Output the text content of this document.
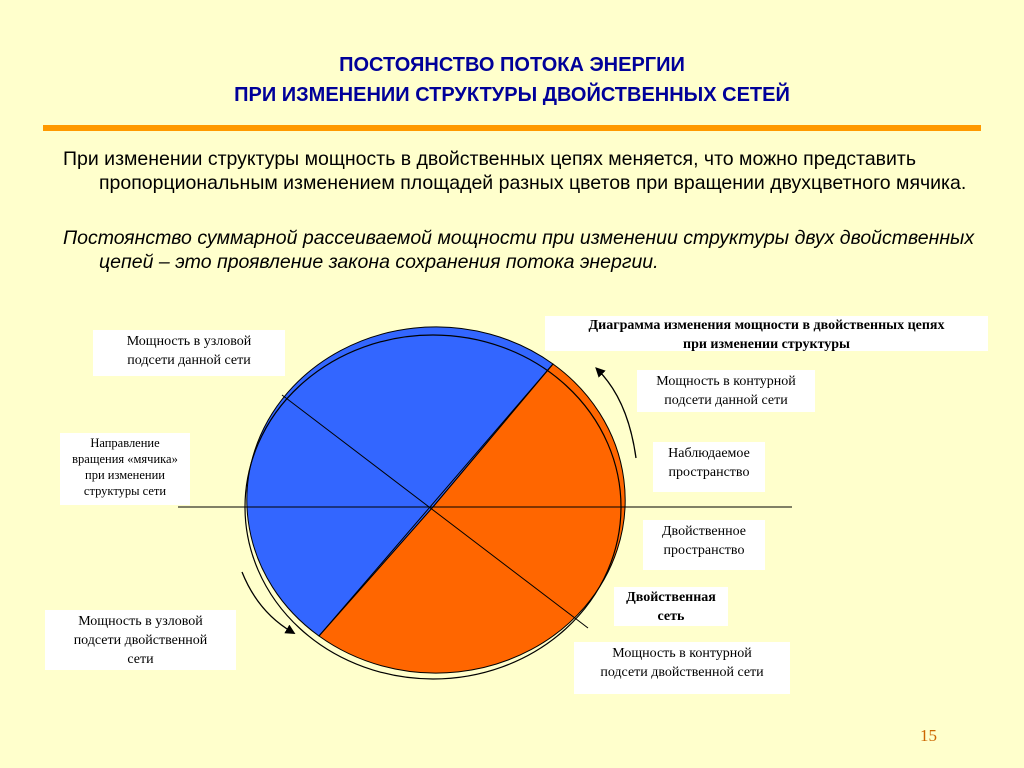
ПОСТОЯНСТВО ПОТОКА ЭНЕРГИИ
ПРИ ИЗМЕНЕНИИ СТРУКТУРЫ ДВОЙСТВЕННЫХ СЕТЕЙ
При изменении структуры мощность в двойственных цепях меняется, что можно представить пропорциональным изменением площадей разных цветов при вращении двухцветного мячика.
Постоянство суммарной рассеиваемой мощности при изменении структуры двух двойственных цепей – это проявление закона сохранения потока энергии.
Диаграмма изменения мощности в двойственных цепях
при изменении структуры
Мощность в узловой
подсети данной сети
Направление
вращения «мячика»
при изменении
структуры сети
Мощность в узловой
подсети двойственной
сети
Мощность в контурной
подсети данной сети
Наблюдаемое
пространство
Двойственное
пространство
Двойственная
сеть
Мощность в контурной
подсети двойственной сети
15
